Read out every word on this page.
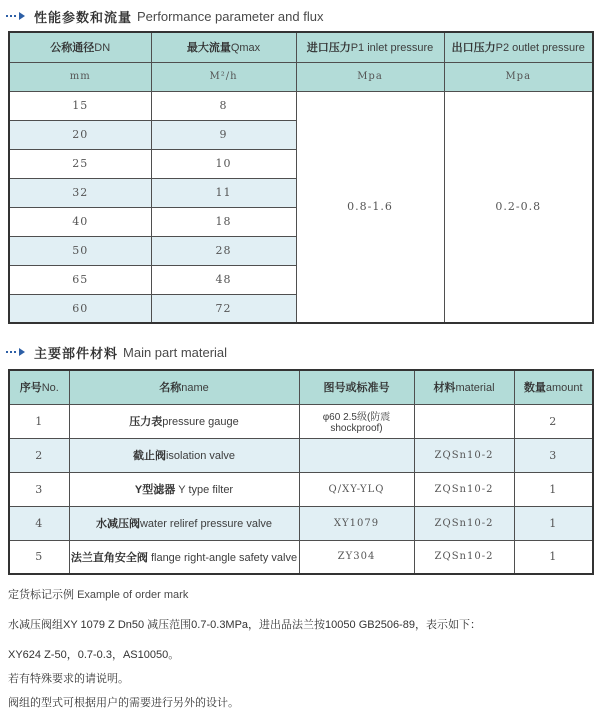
性能参数和流量 Performance parameter and flux
公称通径DN	最大流量Qmax	进口压力P1 inlet pressure	出口压力P2 outlet pressure
mm	M²/h	Mpa	Mpa
15	8	0.8-1.6	0.2-0.8
20	9		
25	10		
32	11		
40	18		
50	28		
65	48		
60	72		
主要部件材料 Main part material
序号No.	名称name	图号或标准号	材料material	数量amount
1	压力表pressure gauge	φ60 2.5级(防震shockproof)		2
2	截止阀isolation valve		ZQSn10-2	3
3	Y型滤器 Y type filter	Q/XY-YLQ	ZQSn10-2	1
4	水减压阀water reliref pressure valve	XY1079	ZQSn10-2	1
5	法兰直角安全阀 flange right-angle safety valve	ZY304	ZQSn10-2	1
定货标记示例 Example of order mark
水减压阀组XY 1079 Z Dn50 减压范围0.7-0.3MPa，进出品法兰按10050 GB2506-89，表示如下：
XY624 Z-50，0.7-0.3，AS10050。
若有特殊要求的请说明。
阀组的型式可根据用户的需要进行另外的设计。
